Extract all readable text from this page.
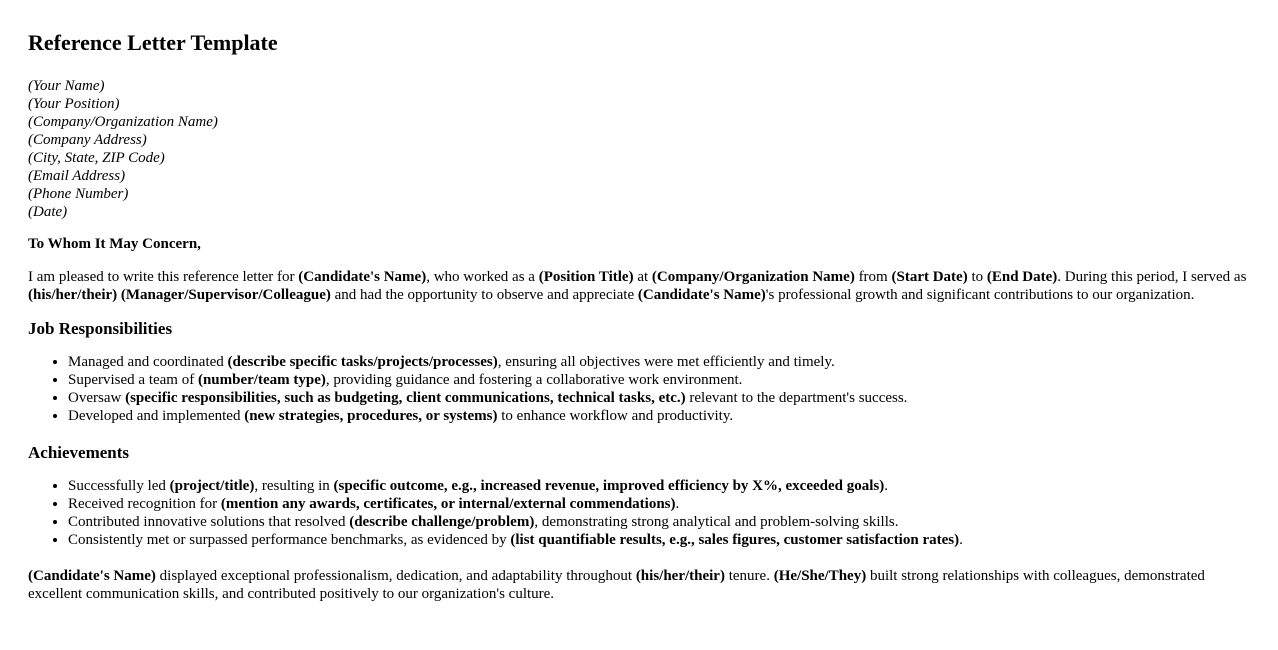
Reference Letter Template
(Your Name)
(Your Position)
(Company/Organization Name)
(Company Address)
(City, State, ZIP Code)
(Email Address)
(Phone Number)
(Date)
To Whom It May Concern,

I am pleased to write this reference letter for (Candidate's Name), who worked as a (Position Title) at (Company/Organization Name) from (Start Date) to (End Date). During this period, I served as (his/her/their) (Manager/Supervisor/Colleague) and had the opportunity to observe and appreciate (Candidate's Name)'s professional growth and significant contributions to our organization.

Job Responsibilities
• Managed and coordinated (describe specific tasks/projects/processes), ensuring all objectives were met efficiently and timely.
• Supervised a team of (number/team type), providing guidance and fostering a collaborative work environment.
• Oversaw (specific responsibilities, such as budgeting, client communications, technical tasks, etc.) relevant to the department's success.
• Developed and implemented (new strategies, procedures, or systems) to enhance workflow and productivity.
Achievements
• Successfully led (project/title), resulting in (specific outcome, e.g., increased revenue, improved efficiency by X%, exceeded goals).
• Received recognition for (mention any awards, certificates, or internal/external commendations).
• Contributed innovative solutions that resolved (describe challenge/problem), demonstrating strong analytical and problem-solving skills.
• Consistently met or surpassed performance benchmarks, as evidenced by (list quantifiable results, e.g., sales figures, customer satisfaction rates).

(Candidate's Name) displayed exceptional professionalism, dedication, and adaptability throughout (his/her/their) tenure. (He/She/They) built strong relationships with colleagues, demonstrated excellent communication skills, and contributed positively to our organization's culture.
